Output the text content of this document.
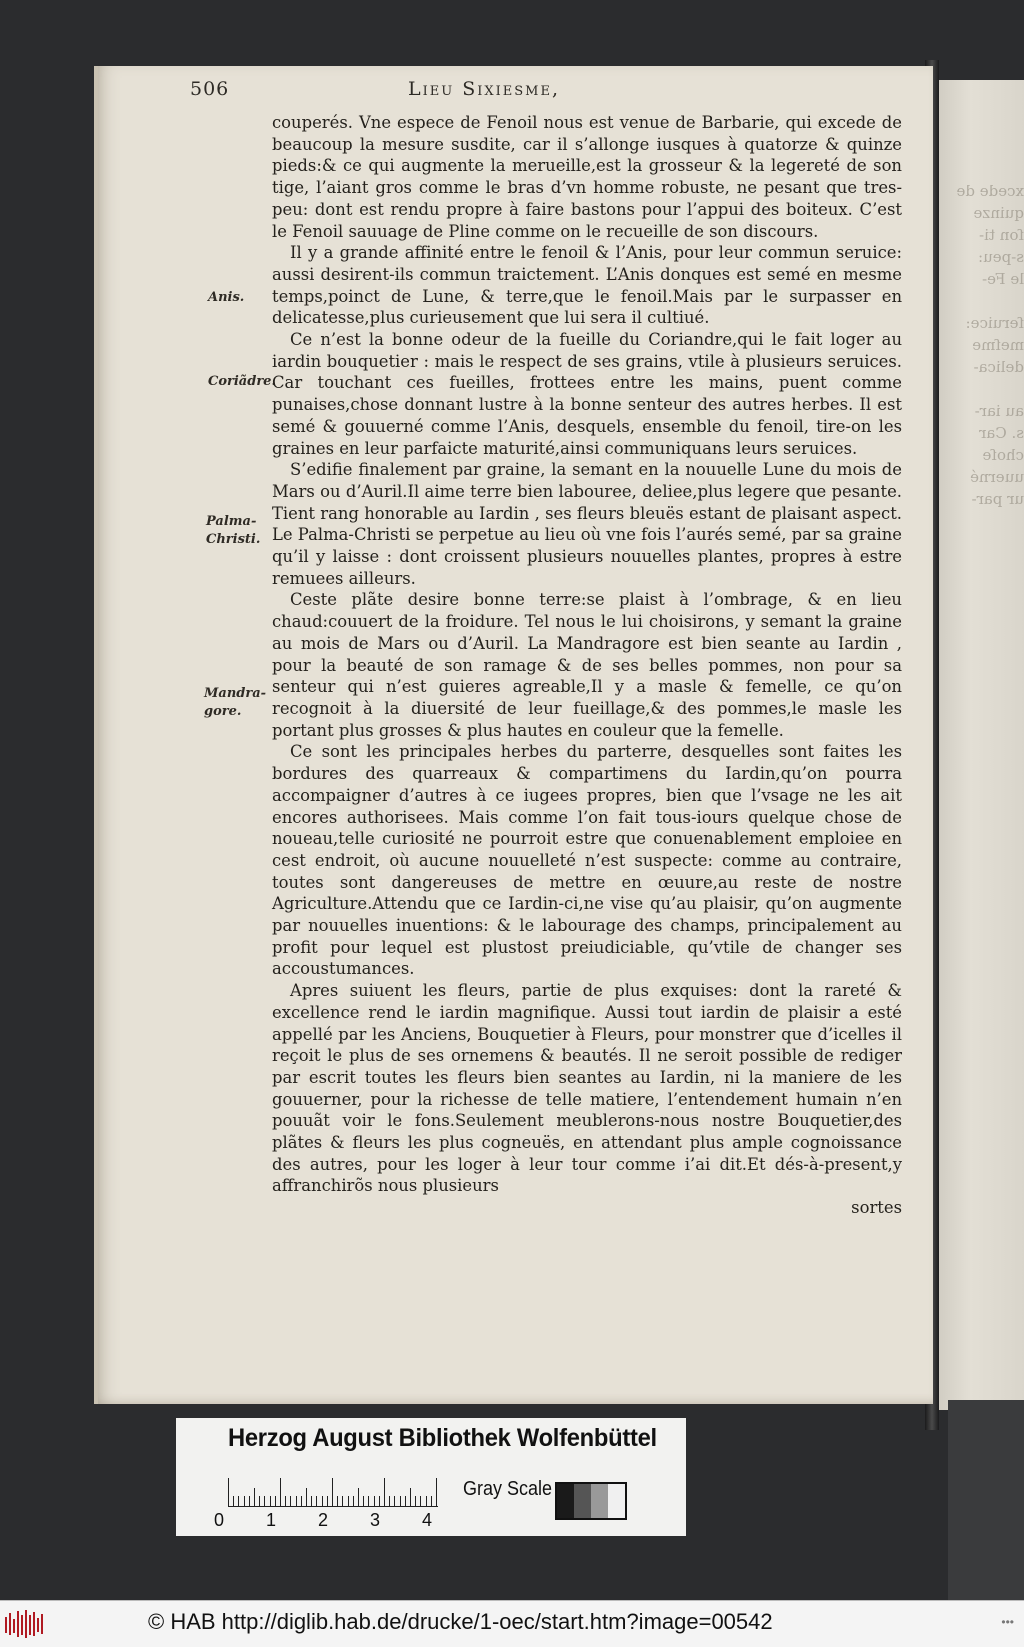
xcede de
quinze
ſon ti-
s-peu:
le Fe-

ſeruice:
meſme
delica-

au iar-
s. Car
choſe
uuerné
ur par-
506	Lieu Sixiesme,
Anis.
Coriãdre.
Palma-
Christi.
Mandra-
gore.

couperés. Vne espece de Fenoil nous est venue de Barbarie, qui excede de beaucoup la mesure susdite, car il s’allonge iusques à quatorze & quinze pieds:& ce qui augmente la merueille,est la grosseur & la legereté de son tige, l’aiant gros comme le bras d’vn homme robuste, ne pesant que tres-peu: dont est rendu propre à faire bastons pour l’appui des boiteux. C’est le Fenoil sauuage de Pline comme on le recueille de son discours.

Il y a grande affinité entre le fenoil & l’Anis, pour leur commun seruice: aussi desirent-ils commun traictement. L’Anis donques est semé en mesme temps,poinct de Lune, & terre,que le fenoil.Mais par le surpasser en delicatesse,plus curieusement que lui sera il cultiué.

Ce n’est la bonne odeur de la fueille du Coriandre,qui le fait loger au iardin bouquetier : mais le respect de ses grains, vtile à plusieurs seruices. Car touchant ces fueilles, frottees entre les mains, puent comme punaises,chose donnant lustre à la bonne senteur des autres herbes. Il est semé & gouuerné comme l’Anis, desquels, ensemble du fenoil, tire-on les graines en leur parfaicte maturité,ainsi communiquans leurs seruices.

S’edifie finalement par graine, la semant en la nouuelle Lune du mois de Mars ou d’Auril.Il aime terre bien labouree, deliee,plus legere que pesante. Tient rang honorable au Iardin , ses fleurs bleuës estant de plaisant aspect. Le Palma-Christi se perpetue au lieu où vne fois l’aurés semé, par sa graine qu’il y laisse : dont croissent plusieurs nouuelles plantes, propres à estre remuees ailleurs.

Ceste plãte desire bonne terre:se plaist à l’ombrage, & en lieu chaud:couuert de la froidure. Tel nous le lui choisirons, y semant la graine au mois de Mars ou d’Auril. La Mandragore est bien seante au Iardin , pour la beauté de son ramage & de ses belles pommes, non pour sa senteur qui n’est guieres agreable,Il y a masle & femelle, ce qu’on recognoit à la diuersité de leur fueillage,& des pommes,le masle les portant plus grosses & plus hautes en couleur que la femelle.

Ce sont les principales herbes du parterre, desquelles sont faites les bordures des quarreaux & compartimens du Iardin,qu’on pourra accompaigner d’autres à ce iugees propres, bien que l’vsage ne les ait encores authorisees. Mais comme l’on fait tous-iours quelque chose de noueau,telle curiosité ne pourroit estre que conuenablement emploiee en cest endroit, où aucune nouuelleté n’est suspecte: comme au contraire, toutes sont dangereuses de mettre en œuure,au reste de nostre Agriculture.Attendu que ce Iardin-ci,ne vise qu’au plaisir, qu’on augmente par nouuelles inuentions: & le labourage des champs, principalement au profit pour lequel est plustost preiudiciable, qu’vtile de changer ses accoustumances.

Apres suiuent les fleurs, partie de plus exquises: dont la rareté & excellence rend le iardin magnifique. Aussi tout iardin de plaisir a esté appellé par les Anciens, Bouquetier à Fleurs, pour monstrer que d’icelles il reçoit le plus de ses ornemens & beautés. Il ne seroit possible de rediger par escrit toutes les fleurs bien seantes au Iardin, ni la maniere de les gouuerner, pour la richesse de telle matiere, l’entendement humain n’en pouuãt voir le fons.Seulement meublerons-nous nostre Bouquetier,des plãtes & fleurs les plus cogneuës, en attendant plus ample cognoissance des autres, pour les loger à leur tour comme i’ai dit.Et dés-à-present,y affranchirõs nous plusieurs

sortes

Herzog August Bibliothek Wolfenbüttel
0 1 2 3 4
Gray Scale
© HAB http://diglib.hab.de/drucke/1-oec/start.htm?image=00542	•••
